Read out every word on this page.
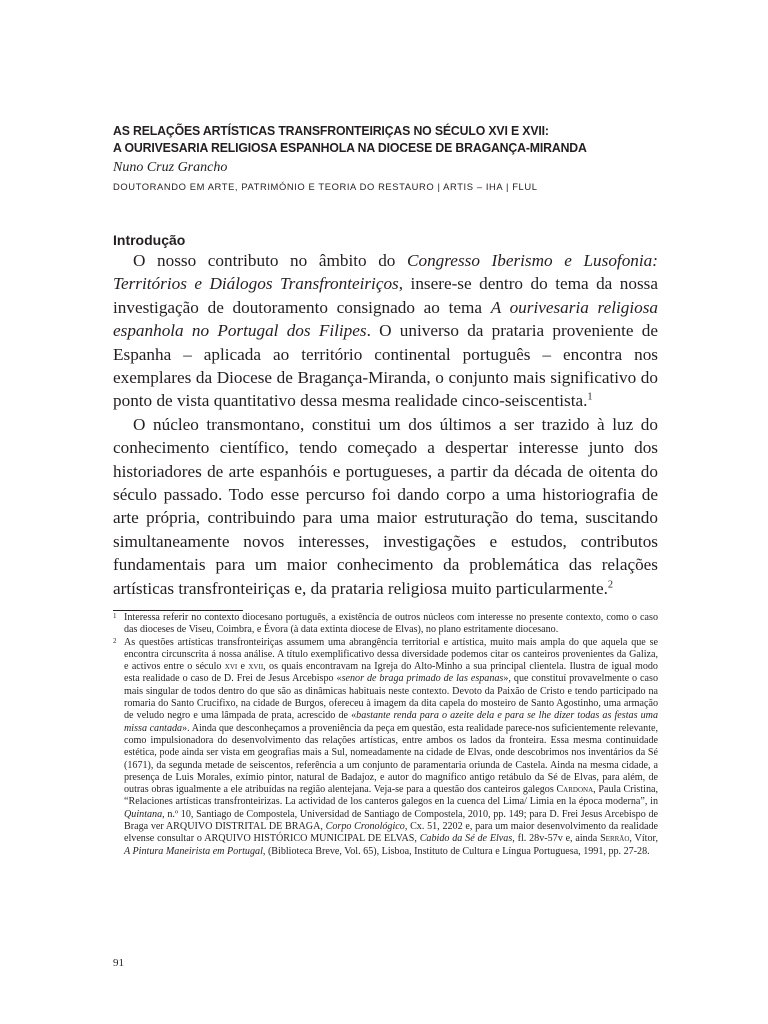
AS RELAÇÕES ARTÍSTICAS TRANSFRONTEIRIÇAS NO SÉCULO XVI E XVII:
A OURIVESARIA RELIGIOSA ESPANHOLA NA DIOCESE DE BRAGANÇA-MIRANDA
Nuno Cruz Grancho
DOUTORANDO EM ARTE, PATRIMÓNIO E TEORIA DO RESTAURO | ARTIS – IHA | FLUL
Introdução

O nosso contributo no âmbito do Congresso Iberismo e Lusofonia: Territórios e Diálogos Transfronteiriços, insere-se dentro do tema da nossa investigação de doutoramento consignado ao tema A ourivesaria religiosa espanhola no Portugal dos Filipes. O universo da prataria proveniente de Espanha – aplicada ao território continental português – encontra nos exemplares da Diocese de Bragança-Miranda, o conjunto mais significativo do ponto de vista quantitativo dessa mesma realidade cinco-seiscentista.$^1$

O núcleo transmontano, constitui um dos últimos a ser trazido à luz do conhecimento científico, tendo começado a despertar interesse junto dos historiadores de arte espanhóis e portugueses, a partir da década de oitenta do século passado. Todo esse percurso foi dando corpo a uma historiografia de arte própria, contribuindo para uma maior estruturação do tema, suscitando simultaneamente novos interesses, investigações e estudos, contributos fundamentais para um maior conhecimento da problemática das relações artísticas transfronteiriças e, da prataria religiosa muito particularmente.$^2$

1 Interessa referir no contexto diocesano português, a existência de outros núcleos com interesse no presente contexto, como o caso das dioceses de Viseu, Coimbra, e Évora (à data extinta diocese de Elvas), no plano estritamente diocesano.
2 As questões artísticas transfronteiriças assumem uma abrangência territorial e artística, muito mais ampla do que aquela que se encontra circunscrita á nossa análise. A título exemplificativo dessa diversidade podemos citar os canteiros provenientes da Galiza, e activos entre o século xvi e xvii, os quais encontravam na Igreja do Alto-Minho a sua principal clientela. Ilustra de igual modo esta realidade o caso de D. Frei de Jesus Arcebispo «senor de braga primado de las espanas», que constituí provavelmente o caso mais singular de todos dentro do que são as dinâmicas habituais neste contexto. Devoto da Paixão de Cristo e tendo participado na romaria do Santo Crucifixo, na cidade de Burgos, ofereceu à imagem da dita capela do mosteiro de Santo Agostinho, uma armação de veludo negro e uma lâmpada de prata, acrescido de «bastante renda para o azeite dela e para se lhe dizer todas as festas uma missa cantada». Ainda que desconheçamos a proveniência da peça em questão, esta realidade parece-nos suficientemente relevante, como impulsionadora do desenvolvimento das relações artísticas, entre ambos os lados da fronteira. Essa mesma continuidade estética, pode ainda ser vista em geografias mais a Sul, nomeadamente na cidade de Elvas, onde descobrimos nos inventários da Sé (1671), da segunda metade de seiscentos, referência a um conjunto de paramentaria oriunda de Castela. Ainda na mesma cidade, a presença de Luis Morales, exímio pintor, natural de Badajoz, e autor do magnífico antigo retábulo da Sé de Elvas, para além, de outras obras igualmente a ele atribuídas na região alentejana. Veja-se para a questão dos canteiros galegos Cardona, Paula Cristina, “Relaciones artísticas transfronteirizas. La actividad de los canteros galegos en la cuenca del Lima/ Limia en la época moderna”, in Quintana, n.º 10, Santiago de Compostela, Universidad de Santiago de Compostela, 2010, pp. 149; para D. Frei Jesus Arcebispo de Braga ver ARQUIVO DISTRITAL DE BRAGA, Corpo Cronológico, Cx. 51, 2202 e, para um maior desenvolvimento da realidade elvense consultar o ARQUIVO HISTÓRICO MUNICIPAL DE ELVAS, Cabido da Sé de Elvas, fl. 28v-57v e, ainda Serrão, Vítor, A Pintura Maneirista em Portugal, (Biblioteca Breve, Vol. 65), Lisboa, Instituto de Cultura e Língua Portuguesa, 1991, pp. 27-28.
91
